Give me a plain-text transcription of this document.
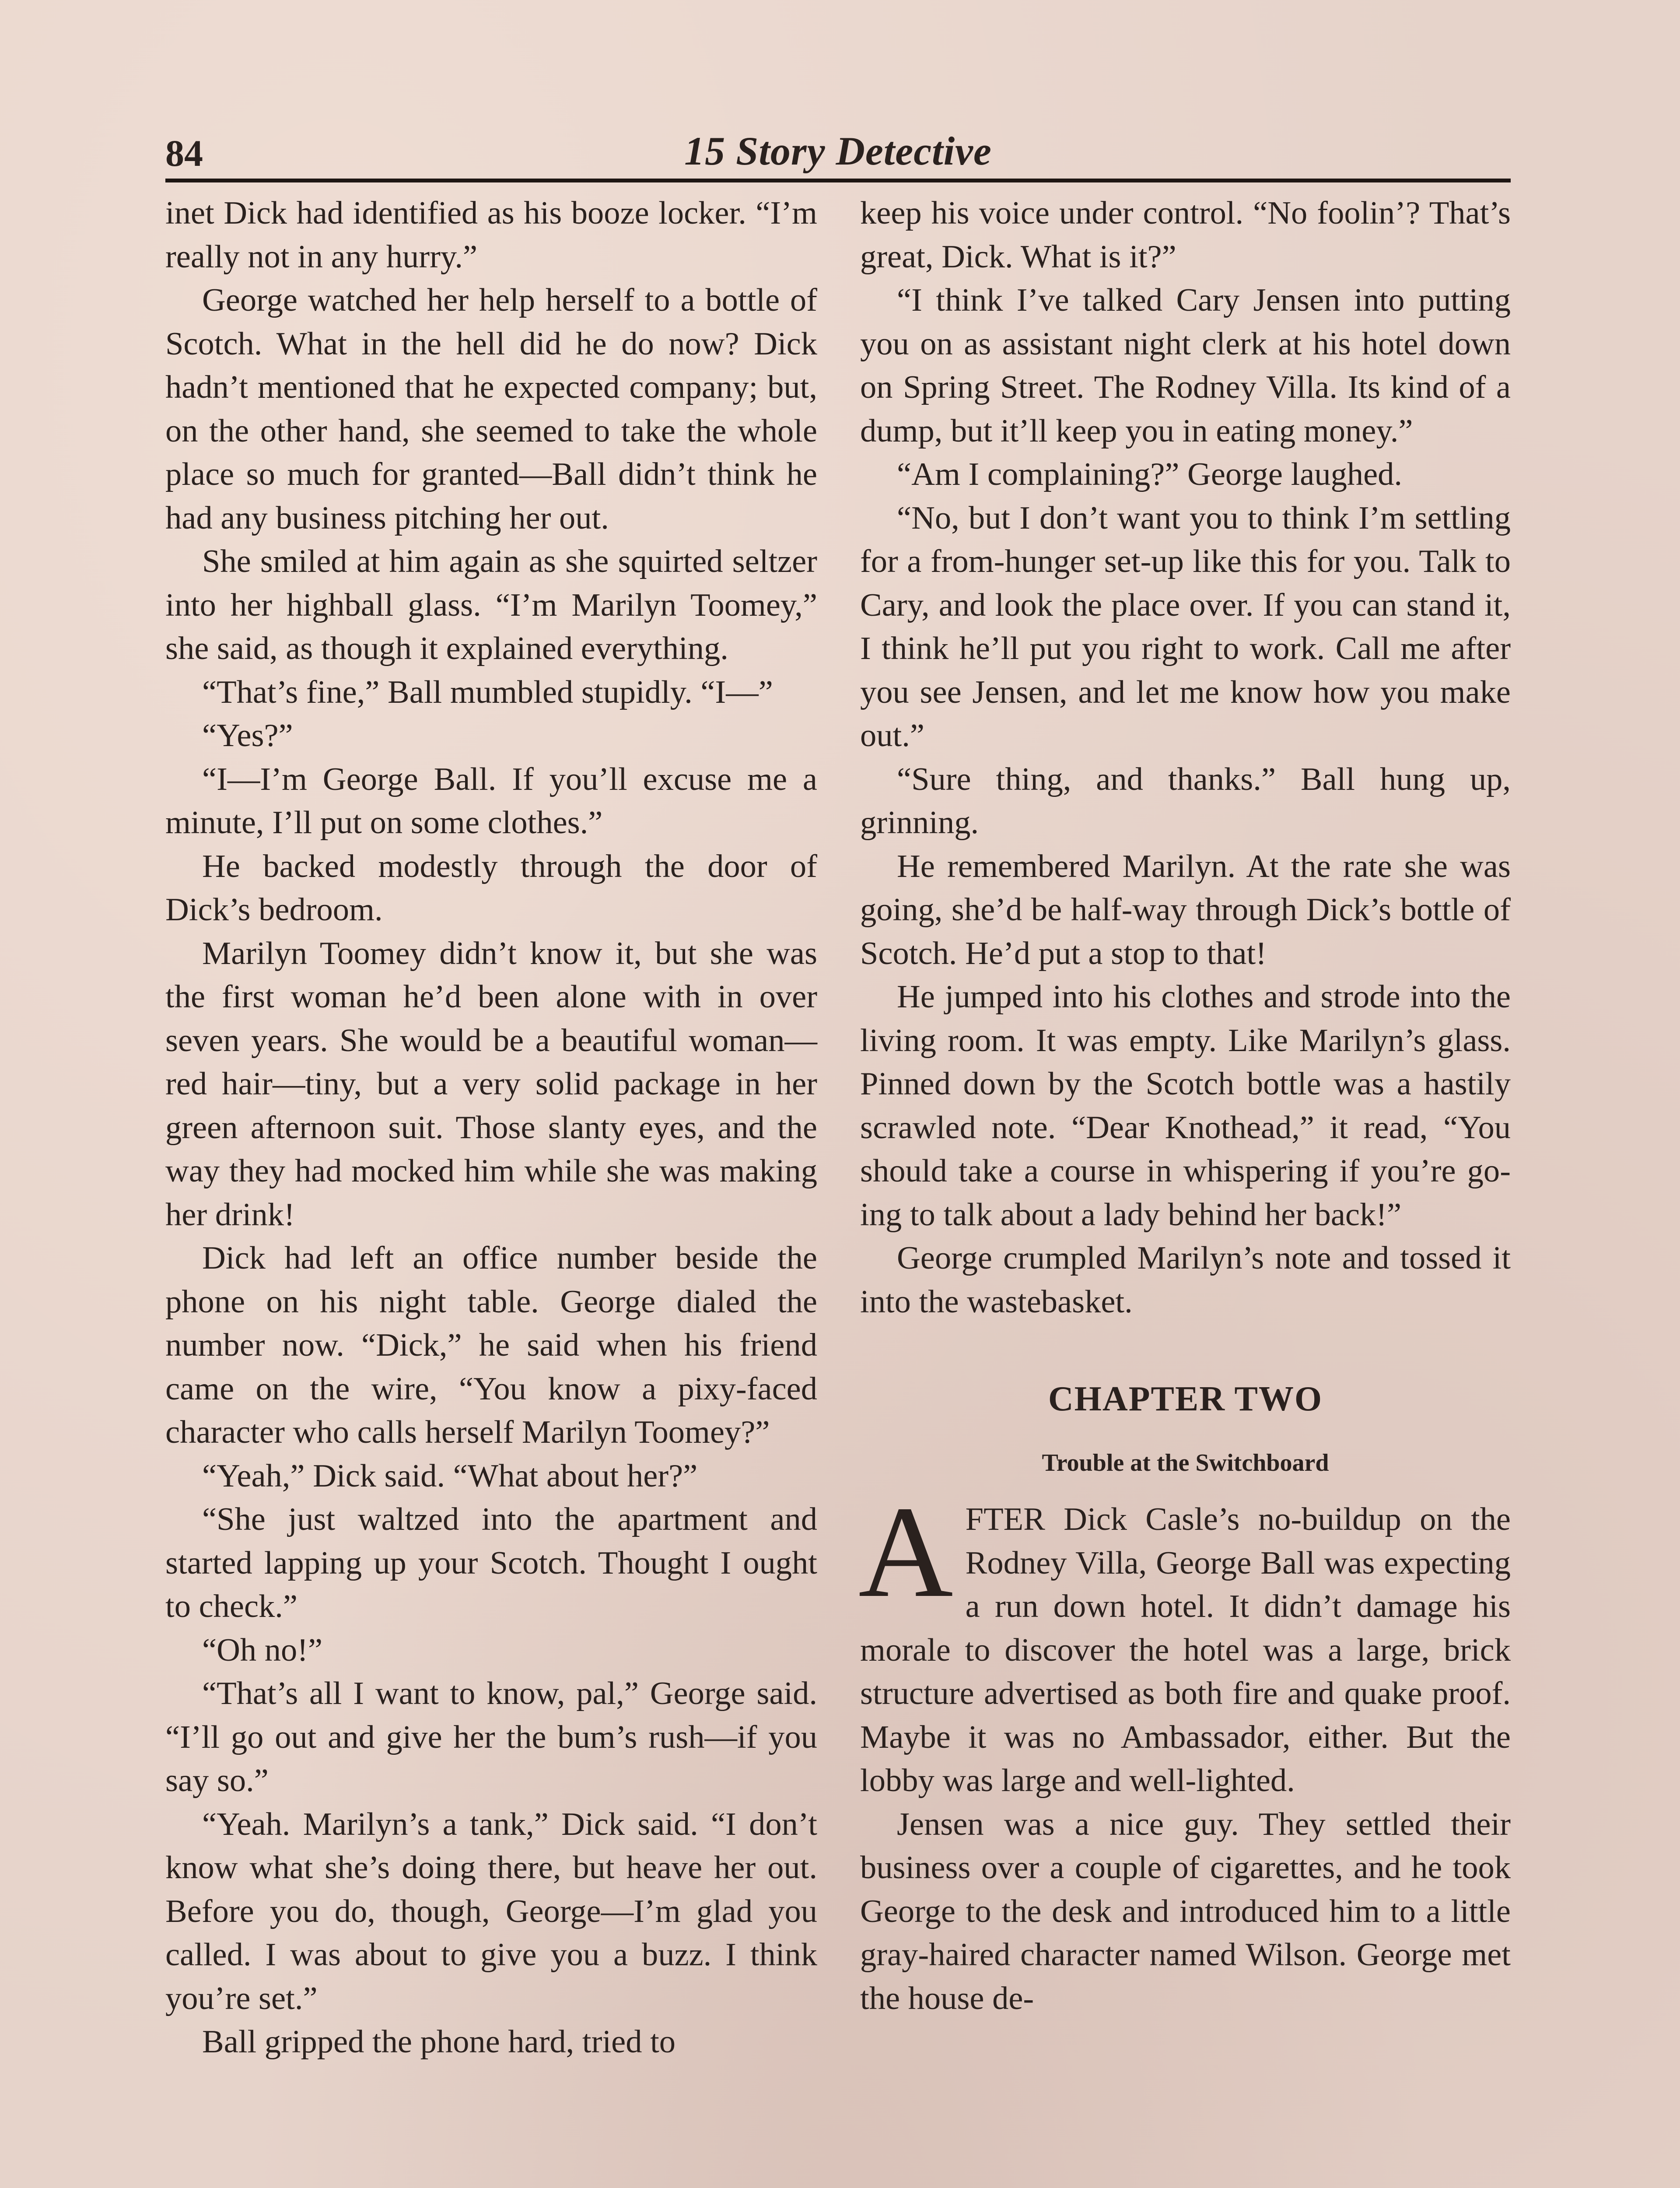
84	15 Story Detective

inet Dick had identified as his booze locker. “I’m really not in any hurry.”

George watched her help herself to a bottle of Scotch. What in the hell did he do now? Dick hadn’t mentioned that he expected company; but, on the other hand, she seemed to take the whole place so much for granted—Ball didn’t think he had any business pitching her out.

She smiled at him again as she squirted seltzer into her highball glass. “I’m Marilyn Toomey,” she said, as though it explained everything.

“That’s fine,” Ball mumbled stupidly. “I—”

“Yes?”

“I—I’m George Ball. If you’ll excuse me a minute, I’ll put on some clothes.”

He backed modestly through the door of Dick’s bedroom.

Marilyn Toomey didn’t know it, but she was the first woman he’d been alone with in over seven years. She would be a beautiful woman—red hair—tiny, but a very solid package in her green afternoon suit. Those slanty eyes, and the way they had mocked him while she was making her drink!

Dick had left an office number beside the phone on his night table. George dialed the number now. “Dick,” he said when his friend came on the wire, “You know a pixy-faced character who calls herself Marilyn Toomey?”

“Yeah,” Dick said. “What about her?”

“She just waltzed into the apartment and started lapping up your Scotch. Thought I ought to check.”

“Oh no!”

“That’s all I want to know, pal,” George said. “I’ll go out and give her the bum’s rush—if you say so.”

“Yeah. Marilyn’s a tank,” Dick said. “I don’t know what she’s doing there, but heave her out. Before you do, though, George—I’m glad you called. I was about to give you a buzz. I think you’re set.”

Ball gripped the phone hard, tried to

keep his voice under control. “No foolin’? That’s great, Dick. What is it?”

“I think I’ve talked Cary Jensen into putting you on as assistant night clerk at his hotel down on Spring Street. The Rodney Villa. Its kind of a dump, but it’ll keep you in eating money.”

“Am I complaining?” George laughed.

“No, but I don’t want you to think I’m settling for a from-hunger set-up like this for you. Talk to Cary, and look the place over. If you can stand it, I think he’ll put you right to work. Call me after you see Jensen, and let me know how you make out.”

“Sure thing, and thanks.” Ball hung up, grinning.

He remembered Marilyn. At the rate she was going, she’d be half-way through Dick’s bottle of Scotch. He’d put a stop to that!

He jumped into his clothes and strode into the living room. It was empty. Like Marilyn’s glass. Pinned down by the Scotch bottle was a hastily scrawled note. “Dear Knothead,” it read, “You should take a course in whispering if you’re going to talk about a lady behind her back!”

George crumpled Marilyn’s note and tossed it into the wastebasket.

CHAPTER TWO
Trouble at the Switchboard

AFTER Dick Casle’s no-buildup on the Rodney Villa, George Ball was expecting a run down hotel. It didn’t damage his morale to discover the hotel was a large, brick structure advertised as both fire and quake proof. Maybe it was no Ambassador, either. But the lobby was large and well-lighted.

Jensen was a nice guy. They settled their business over a couple of cigarettes, and he took George to the desk and introduced him to a little gray-haired character named Wilson. George met the house de-
